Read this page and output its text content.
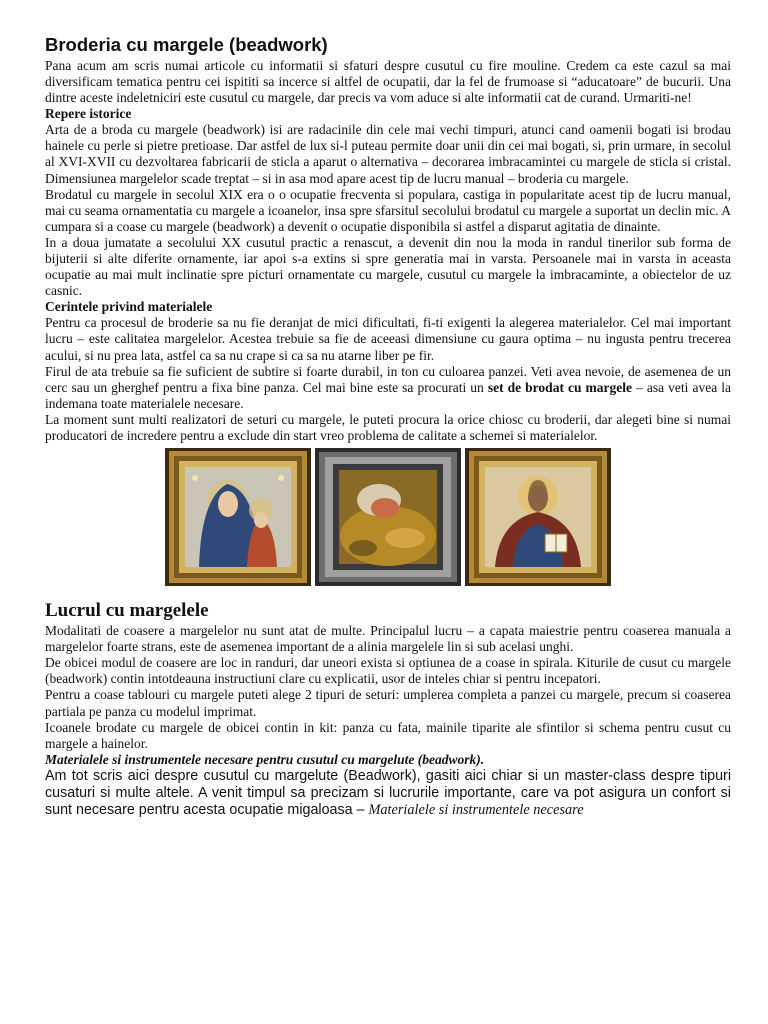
Broderia cu margele (beadwork)

Pana acum am scris numai articole cu informatii si sfaturi despre cusutul cu fire mouline. Credem ca este cazul sa mai diversificam tematica pentru cei ispititi sa incerce si altfel de ocupatii, dar la fel de frumoase si “aducatoare” de bucurii. Una dintre aceste indeletniciri este cusutul cu margele, dar precis va vom aduce si alte informatii cat de curand. Urmariti-ne!

Repere istorice

Arta de a broda cu margele (beadwork) isi are radacinile din cele mai vechi timpuri, atunci cand oamenii bogati isi brodau hainele cu perle si pietre pretioase. Dar astfel de lux si-l puteau permite doar unii din cei mai bogati, si, prin urmare, in secolul al XVI-XVII cu dezvoltarea fabricarii de sticla a aparut o alternativa – decorarea imbracamintei cu margele de sticla si cristal. Dimensiunea margelelor scade treptat – si in asa mod apare acest tip de lucru manual – broderia cu margele.

Brodatul cu margele in secolul XIX era o o ocupatie frecventa si populara, castiga in popularitate acest tip de lucru manual, mai cu seama ornamentatia cu margele a icoanelor, insa spre sfarsitul secolului brodatul cu margele a suportat un declin mic. A cumpara si a coase cu margele (beadwork) a devenit o ocupatie disponibila si astfel a disparut agitatia de dinainte.

In a doua jumatate a secolului XX cusutul practic a renascut, a devenit din nou la moda in randul tinerilor sub forma de bijuterii si alte diferite ornamente, iar apoi s-a extins si spre generatia mai in varsta. Persoanele mai in varsta in aceasta ocupatie au mai mult inclinatie spre picturi ornamentate cu margele, cusutul cu margele la imbracaminte, a obiectelor de uz casnic.

Cerintele privind materialele

Pentru ca procesul de broderie sa nu fie deranjat de mici dificultati, fi-ti exigenti la alegerea materialelor. Cel mai important lucru – este calitatea margelelor. Acestea trebuie sa fie de aceeasi dimensiune cu gaura optima – nu ingusta pentru trecerea acului, si nu prea lata, astfel ca sa nu crape si ca sa nu atarne liber pe fir.

Firul de ata trebuie sa fie suficient de subtire si foarte durabil, in ton cu culoarea panzei. Veti avea nevoie, de asemenea de un cerc sau un gherghef pentru a fixa bine panza. Cel mai bine este sa procurati un set de brodat cu margele – asa veti avea la indemana toate materialele necesare.

La moment sunt multi realizatori de seturi cu margele, le puteti procura la orice chiosc cu broderii, dar alegeti bine si numai producatori de incredere pentru a exclude din start vreo problema de calitate a schemei si materialelor.

Lucrul cu margelele

Modalitati de coasere a margelelor nu sunt atat de multe. Principalul lucru – a capata maiestrie pentru coaserea manuala a margelelor foarte strans, este de asemenea important de a alinia margelele lin si sub acelasi unghi.

De obicei modul de coasere are loc in randuri, dar uneori exista si optiunea de a coase in spirala. Kiturile de cusut cu margele (beadwork) contin intotdeauna instructiuni clare cu explicatii, usor de inteles chiar si pentru incepatori.

Pentru a coase tablouri cu margele puteti alege 2 tipuri de seturi: umplerea completa a panzei cu margele, precum si coaserea partiala pe panza cu modelul imprimat.

Icoanele brodate cu margele de obicei contin in kit: panza cu fata, mainile tiparite ale sfintilor si schema pentru cusut cu margele a hainelor.

Materialele si instrumentele necesare pentru cusutul cu margelute (beadwork).

Am tot scris aici despre cusutul cu margelute (Beadwork), gasiti aici chiar si un master-class despre tipuri cusaturi si multe altele. A venit timpul sa precizam si lucrurile importante, care va pot asigura un confort si sunt necesare pentru acesta ocupatie migaloasa – Materialele si instrumentele necesare
